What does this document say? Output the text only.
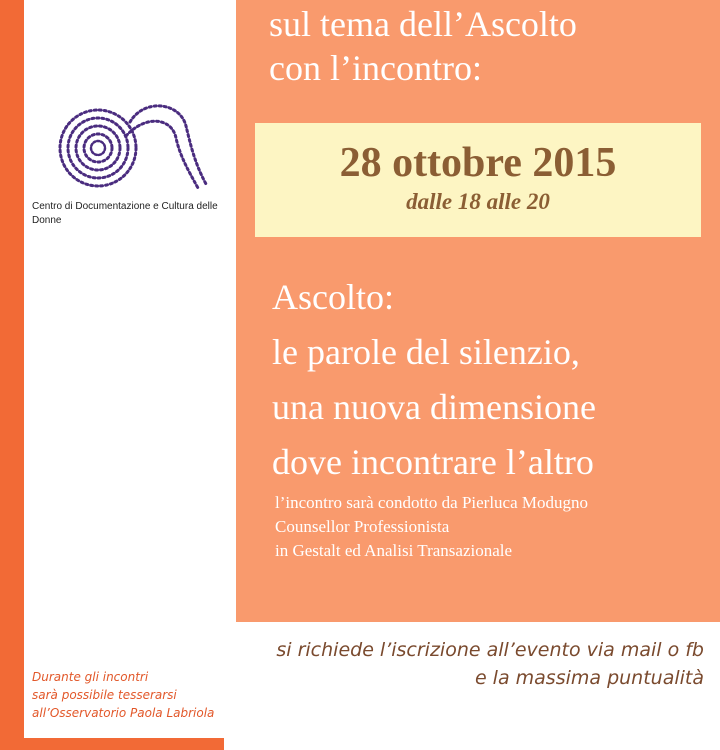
sul tema dell’Ascolto
con l’incontro:
28 ottobre 2015
dalle 18 alle 20
Ascolto:
le parole del silenzio,
una nuova dimensione
dove incontrare l’altro
l’incontro sarà condotto da Pierluca Modugno
Counsellor Professionista
in Gestalt ed Analisi Transazionale
si richiede l’iscrizione all’evento via mail o fb
e la massima puntualità
Centro di Documentazione e Cultura delle Donne
Durante gli incontri
sarà possibile tesserarsi
all’Osservatorio Paola Labriola
